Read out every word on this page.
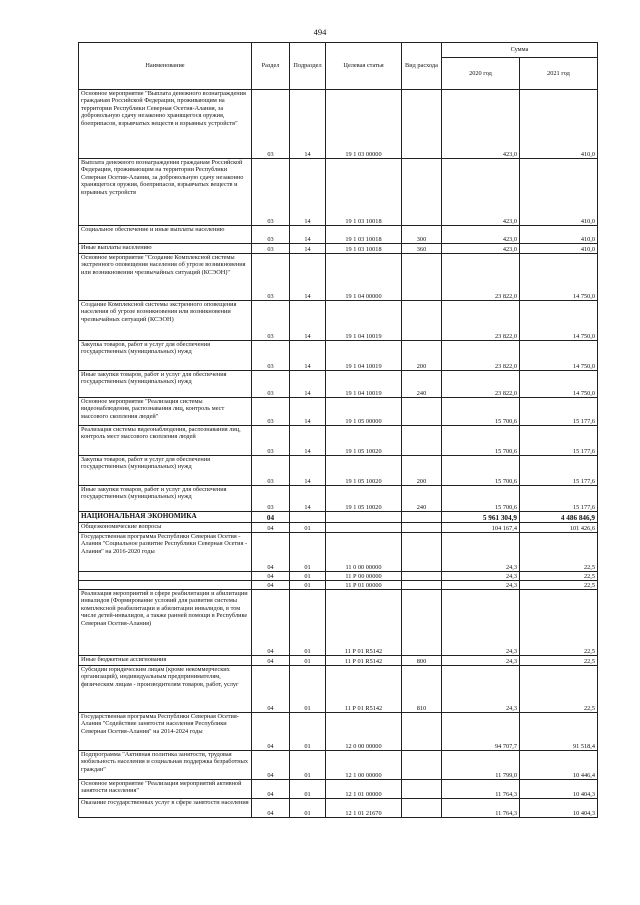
494
Наименование	Раздел	Подраздел	Целевая статья	Вид расхода	Сумма	
					2020 год	2021 год
Основное мероприятие "Выплата денежного вознаграждения гражданам Российской Федерации, проживающим на территории Республики Северная Осетия-Алания, за добровольную сдачу незаконно хранящегося оружия, боеприпасов, взрывчатых веществ и взрывных устройств"	03	14	19 1 03 00000		423,0	410,0
Выплата денежного вознаграждения гражданам Российской Федерации, проживающим на территории Республики Северная Осетия-Алания, за добровольную сдачу незаконно хранящегося оружия, боеприпасов, взрывчатых веществ и взрывных устройств	03	14	19 1 03 10018		423,0	410,0
Социальное обеспечение и иные выплаты населению	03	14	19 1 03 10018	300	423,0	410,0
Иные выплаты населению	03	14	19 1 03 10018	360	423,0	410,0
Основное мероприятие "Создание Комплексной системы экстренного оповещения населения об угрозе возникновения или возникновении чрезвычайных ситуаций (КСЭОН)"	03	14	19 1 04 00000		23 822,0	14 750,0
Создание Комплексной системы экстренного оповещения населения об угрозе возникновения или возникновении чрезвычайных ситуаций (КСЭОН)	03	14	19 1 04 10019		23 822,0	14 750,0
Закупка товаров, работ и услуг для обеспечения государственных (муниципальных) нужд	03	14	19 1 04 10019	200	23 822,0	14 750,0
Иные закупки товаров, работ и услуг для обеспечения государственных (муниципальных) нужд	03	14	19 1 04 10019	240	23 822,0	14 750,0
Основное мероприятие "Реализация системы видеонаблюдения, распознавания лиц, контроль мест массового скопления людей"	03	14	19 1 05 00000		15 700,6	15 177,6
Реализация системы видеонаблюдения, распознавания лиц, контроль мест массового скопления людей	03	14	19 1 05 10020		15 700,6	15 177,6
Закупка товаров, работ и услуг для обеспечения государственных (муниципальных) нужд	03	14	19 1 05 10020	200	15 700,6	15 177,6
Иные закупки товаров, работ и услуг для обеспечения государственных (муниципальных) нужд	03	14	19 1 05 10020	240	15 700,6	15 177,6
НАЦИОНАЛЬНАЯ ЭКОНОМИКА	04				5 961 304,9	4 486 846,9
Общеэкономические вопросы	04	01			104 167,4	101 426,6
Государственная программа Республики Северная Осетия - Алания "Социальное развитие Республики Северная Осетия - Алания" на 2016-2020 годы	04	01	11 0 00 00000		24,3	22,5
	04	01	11 Р 00 00000		24,3	22,5
	04	01	11 Р 01 00000		24,3	22,5
Реализация мероприятий в сфере реабилитации и абилитации инвалидов (Формирование условий для развития системы комплексной реабилитации и абилитации инвалидов, в том числе детей-инвалидов, а также ранней помощи в Республике Северная Осетия-Алания)	04	01	11 Р 01 R5142		24,3	22,5
Иные бюджетные ассигнования	04	01	11 Р 01 R5142	800	24,3	22,5
Субсидии юридическим лицам (кроме некоммерческих организаций), индивидуальным предпринимателям, физическим лицам - производителям товаров, работ, услуг	04	01	11 Р 01 R5142	810	24,3	22,5
Государственная программа Республики Северная Осетия-Алания "Содействие занятости населения Республики Северная Осетия-Алания" на 2014-2024 годы	04	01	12 0 00 00000		94 707,7	91 518,4
Подпрограмма "Активная политика занятости, трудовая мобильность населения и социальная поддержка безработных граждан"	04	01	12 1 00 00000		11 799,0	10 446,4
Основное мероприятие "Реализация мероприятий активной занятости населения"	04	01	12 1 01 00000		11 764,3	10 404,3
Оказание государственных услуг в сфере занятости населения	04	01	12 1 01 21670		11 764,3	10 404,3
